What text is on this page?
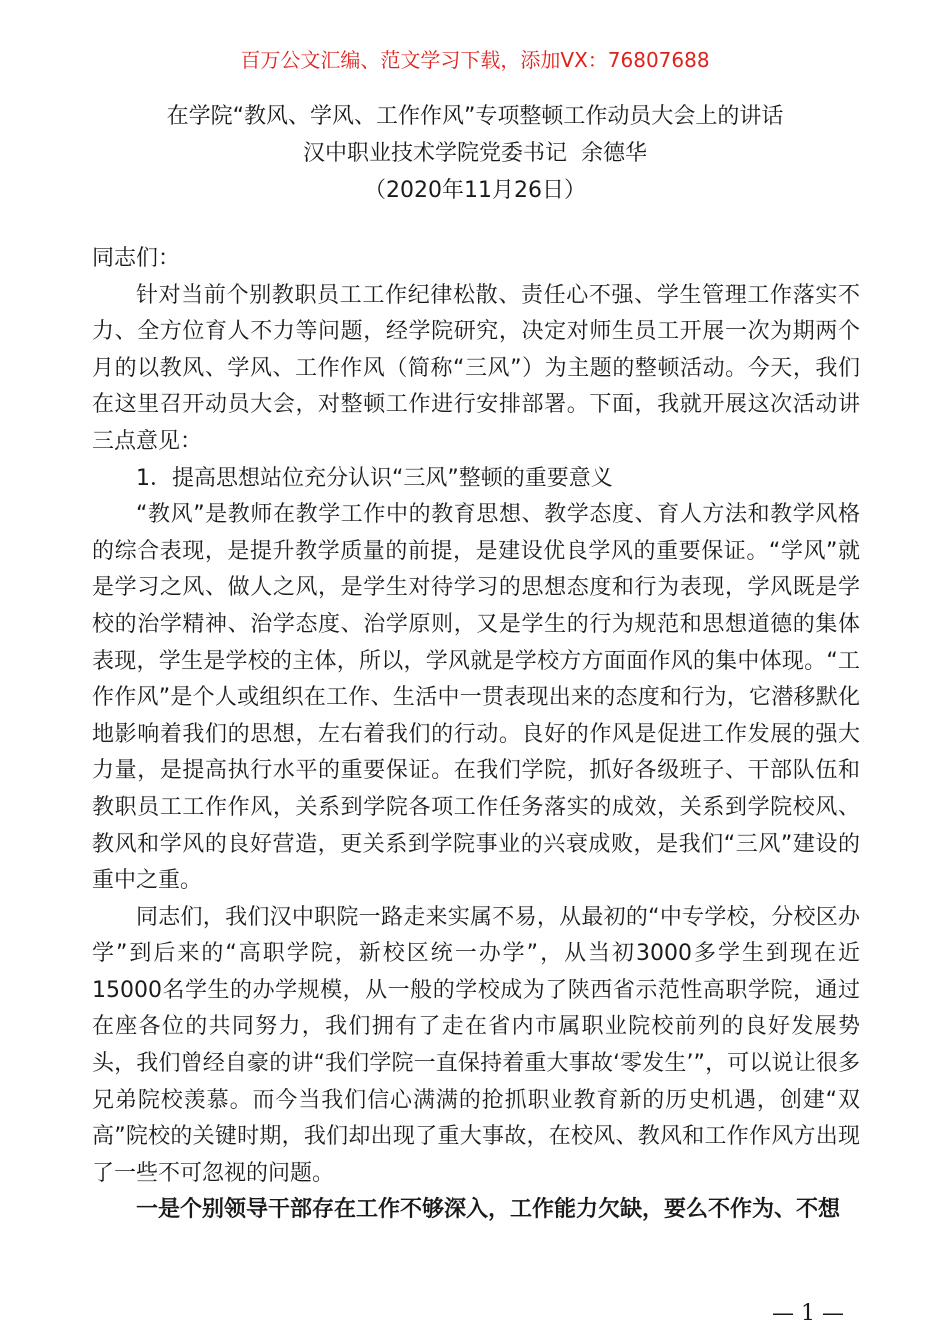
百万公文汇编、范文学习下载，添加VX：76807688
在学院“教风、学风、工作作风”专项整顿工作动员大会上的讲话
汉中职业技术学院党委书记  余德华
（2020年11月26日）

同志们：

针对当前个别教职员工工作纪律松散、责任心不强、学生管理工作落实不力、全方位育人不力等问题，经学院研究，决定对师生员工开展一次为期两个月的以教风、学风、工作作风（简称“三风”）为主题的整顿活动。今天，我们在这里召开动员大会，对整顿工作进行安排部署。下面，我就开展这次活动讲三点意见：

1．提高思想站位充分认识“三风”整顿的重要意义

“教风”是教师在教学工作中的教育思想、教学态度、育人方法和教学风格的综合表现，是提升教学质量的前提，是建设优良学风的重要保证。“学风”就是学习之风、做人之风，是学生对待学习的思想态度和行为表现，学风既是学校的治学精神、治学态度、治学原则，又是学生的行为规范和思想道德的集体表现，学生是学校的主体，所以，学风就是学校方方面面作风的集中体现。“工作作风”是个人或组织在工作、生活中一贯表现出来的态度和行为，它潜移默化地影响着我们的思想，左右着我们的行动。良好的作风是促进工作发展的强大力量，是提高执行水平的重要保证。在我们学院，抓好各级班子、干部队伍和教职员工工作作风，关系到学院各项工作任务落实的成效，关系到学院校风、教风和学风的良好营造，更关系到学院事业的兴衰成败，是我们“三风”建设的重中之重。

同志们，我们汉中职院一路走来实属不易，从最初的“中专学校，分校区办学”到后来的“高职学院，新校区统一办学”，从当初3000多学生到现在近15000名学生的办学规模，从一般的学校成为了陕西省示范性高职学院，通过在座各位的共同努力，我们拥有了走在省内市属职业院校前列的良好发展势头，我们曾经自豪的讲“我们学院一直保持着重大事故‘零发生’”，可以说让很多兄弟院校羡慕。而今当我们信心满满的抢抓职业教育新的历史机遇，创建“双高”院校的关键时期，我们却出现了重大事故，在校风、教风和工作作风方出现了一些不可忽视的问题。

一是个别领导干部存在工作不够深入，工作能力欠缺，要么不作为、不想

— 1 —
